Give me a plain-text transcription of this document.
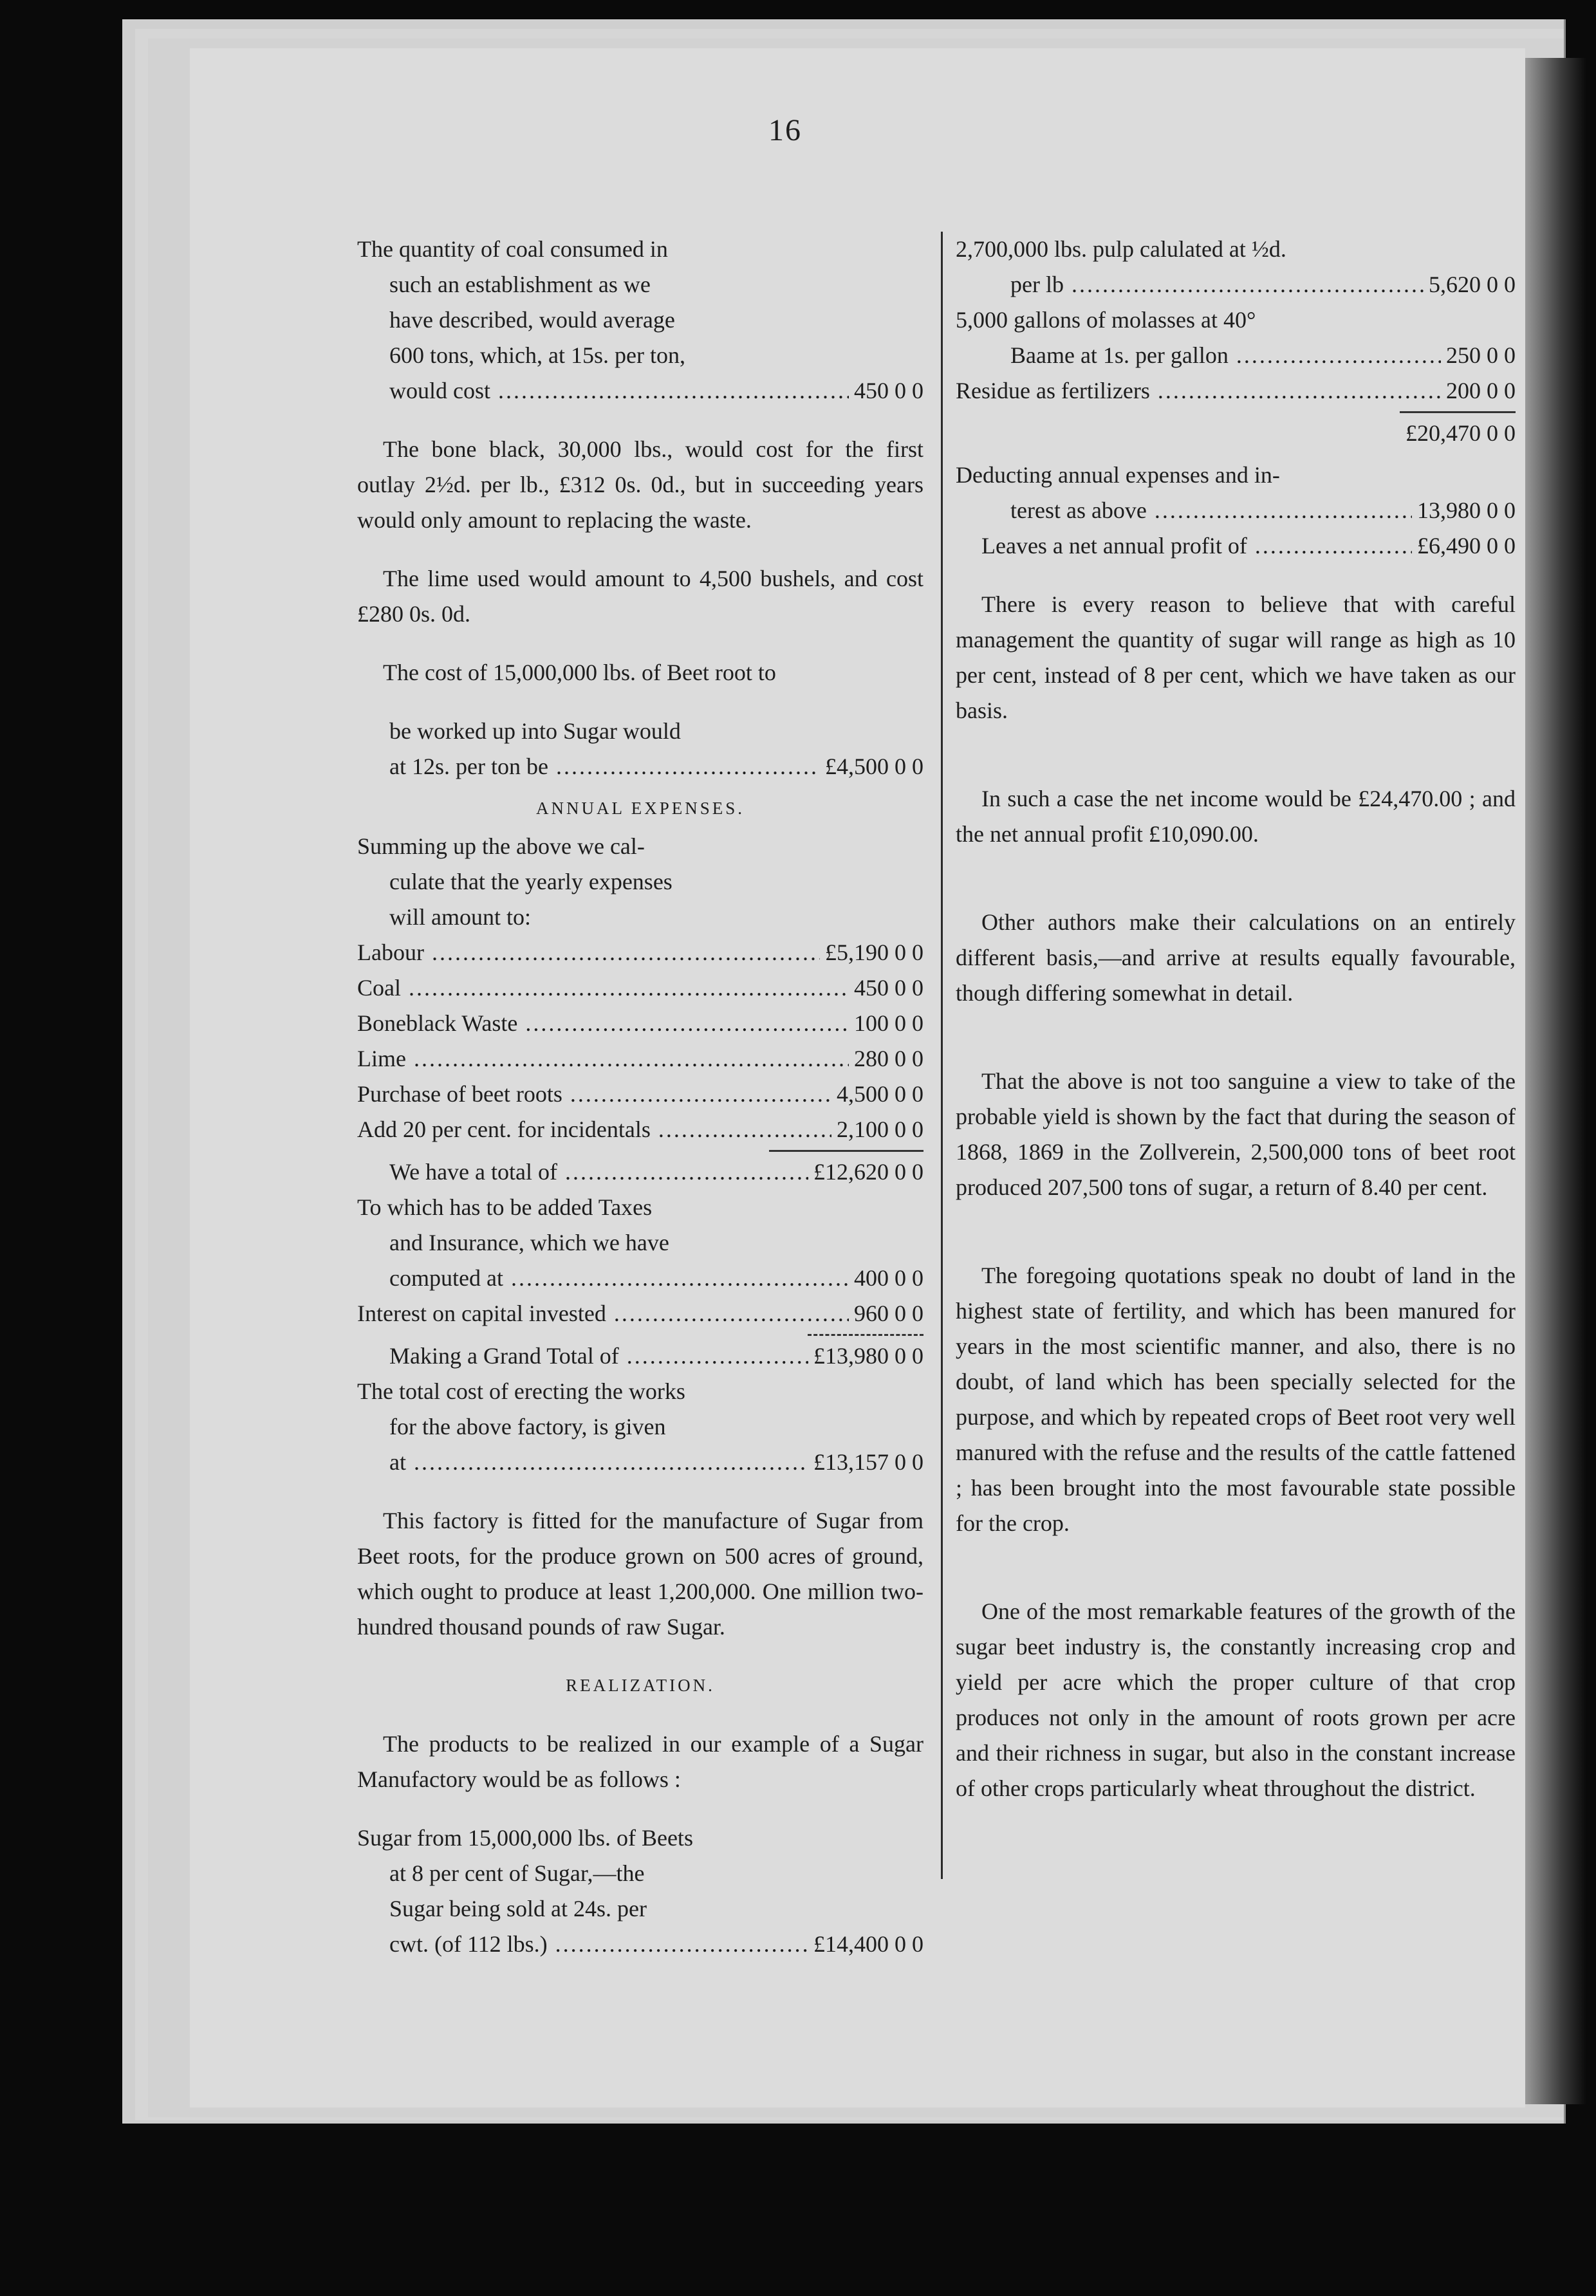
16

The quantity of coal consumed in

such an establishment as we

have described, would average

600 tons, which, at 15s. per ton,

would cost .....	450 0 0

The bone black, 30,000 lbs., would cost for the first outlay 2½d. per lb., £312 0s. 0d., but in succeeding years would only amount to replacing the waste.

The lime used would amount to 4,500 bushels, and cost £280 0s. 0d.

The cost of 15,000,000 lbs. of Beet root to

be worked up into Sugar would

at 12s. per ton be .....	£4,500 0 0
ANNUAL EXPENSES.

Summing up the above we cal-

culate that the yearly expenses

will amount to:

Labour .....	£5,190 0 0
Coal .....	450 0 0
Boneblack Waste .....	100 0 0
Lime .....	280 0 0
Purchase of beet roots .....	4,500 0 0
Add 20 per cent. for incidentals .....	2,100 0 0
We have a total of .....	£12,620 0 0

To which has to be added Taxes

and Insurance, which we have

computed at .....	400 0 0
Interest on capital invested .....	960 0 0
Making a Grand Total of .....	£13,980 0 0

The total cost of erecting the works

for the above factory, is given

at .....	£13,157 0 0

This factory is fitted for the manufacture of Sugar from Beet roots, for the produce grown on 500 acres of ground, which ought to produce at least 1,200,000. One million two-hundred thousand pounds of raw Sugar.

REALIZATION.

The products to be realized in our example of a Sugar Manufactory would be as follows :

Sugar from 15,000,000 lbs. of Beets

at 8 per cent of Sugar,—the

Sugar being sold at 24s. per

cwt. (of 112 lbs.) .....	£14,400 0 0

2,700,000 lbs. pulp calulated at ½d.

per lb .....	5,620 0 0

5,000 gallons of molasses at 40°

Baame at 1s. per gallon .....	250 0 0
Residue as fertilizers .....	200 0 0
£20,470 0 0

Deducting annual expenses and in-

terest as above .....	13,980 0 0
Leaves a net annual profit of .....	£6,490 0 0

There is every reason to believe that with careful management the quantity of sugar will range as high as 10 per cent, instead of 8 per cent, which we have taken as our basis.

In such a case the net income would be £24,470.00 ; and the net annual profit £10,090.00.

Other authors make their calculations on an entirely different basis,—and arrive at results equally favourable, though differing somewhat in detail.

That the above is not too sanguine a view to take of the probable yield is shown by the fact that during the season of 1868, 1869 in the Zollverein, 2,500,000 tons of beet root produced 207,500 tons of sugar, a return of 8.40 per cent.

The foregoing quotations speak no doubt of land in the highest state of fertility, and which has been manured for years in the most scientific manner, and also, there is no doubt, of land which has been specially selected for the purpose, and which by repeated crops of Beet root very well manured with the refuse and the results of the cattle fattened ; has been brought into the most favourable state possible for the crop.

One of the most remarkable features of the growth of the sugar beet industry is, the constantly increasing crop and yield per acre which the proper culture of that crop produces not only in the amount of roots grown per acre and their richness in sugar, but also in the constant increase of other crops particularly wheat throughout the district.
